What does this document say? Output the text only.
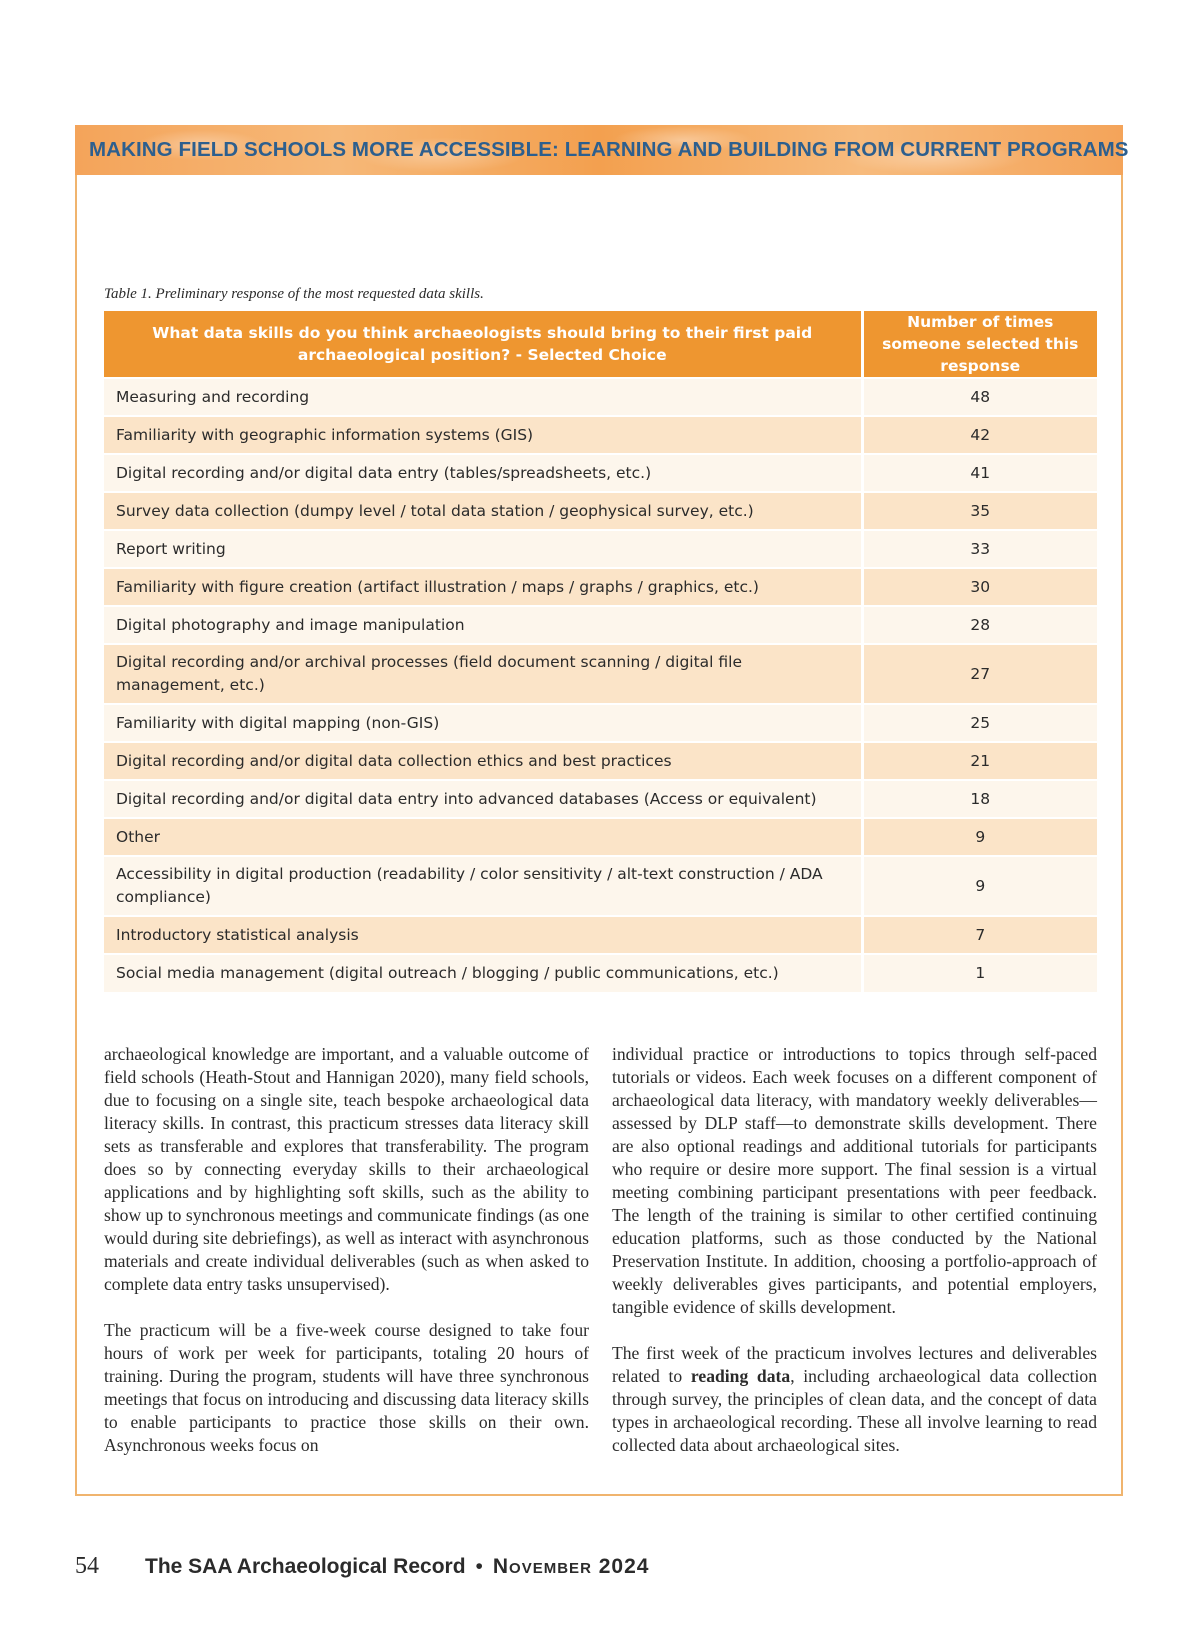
MAKING FIELD SCHOOLS MORE ACCESSIBLE: LEARNING AND BUILDING FROM CURRENT PROGRAMS
Table 1. Preliminary response of the most requested data skills.
What data skills do you think archaeologists should bring to their first paid archaeological position? - Selected Choice	Number of times someone selected this response
Measuring and recording	48
Familiarity with geographic information systems (GIS)	42
Digital recording and/or digital data entry (tables/spreadsheets, etc.)	41
Survey data collection (dumpy level / total data station / geophysical survey, etc.)	35
Report writing	33
Familiarity with figure creation (artifact illustration / maps / graphs / graphics, etc.)	30
Digital photography and image manipulation	28
Digital recording and/or archival processes (field document scanning / digital file management, etc.)	27
Familiarity with digital mapping (non-GIS)	25
Digital recording and/or digital data collection ethics and best practices	21
Digital recording and/or digital data entry into advanced databases (Access or equivalent)	18
Other	9
Accessibility in digital production (readability / color sensitivity / alt-text construction / ADA compliance)	9
Introductory statistical analysis	7
Social media management (digital outreach / blogging / public communications, etc.)	1

archaeological knowledge are important, and a valuable outcome of field schools (Heath-Stout and Hannigan 2020), many field schools, due to focusing on a single site, teach bespoke archaeological data literacy skills. In contrast, this practicum stresses data literacy skill sets as transferable and explores that transferability. The program does so by connecting everyday skills to their archaeological applications and by highlighting soft skills, such as the ability to show up to synchronous meetings and communicate findings (as one would during site debriefings), as well as interact with asynchronous materials and create individual deliverables (such as when asked to complete data entry tasks unsupervised).

The practicum will be a five-week course designed to take four hours of work per week for participants, totaling 20 hours of training. During the program, students will have three synchronous meetings that focus on introducing and discussing data literacy skills to enable participants to practice those skills on their own. Asynchronous weeks focus on

individual practice or introductions to topics through self-paced tutorials or videos. Each week focuses on a different component of archaeological data literacy, with mandatory weekly deliverables—assessed by DLP staff—to demonstrate skills development. There are also optional readings and additional tutorials for participants who require or desire more support. The final session is a virtual meeting combining participant presentations with peer feedback. The length of the training is similar to other certified continuing education platforms, such as those conducted by the National Preservation Institute. In addition, choosing a portfolio-approach of weekly deliverables gives participants, and potential employers, tangible evidence of skills development.

The first week of the practicum involves lectures and deliverables related to reading data, including archaeological data collection through survey, the principles of clean data, and the concept of data types in archaeological recording. These all involve learning to read collected data about archaeological sites.

54	The SAA Archaeological Record • November 2024
